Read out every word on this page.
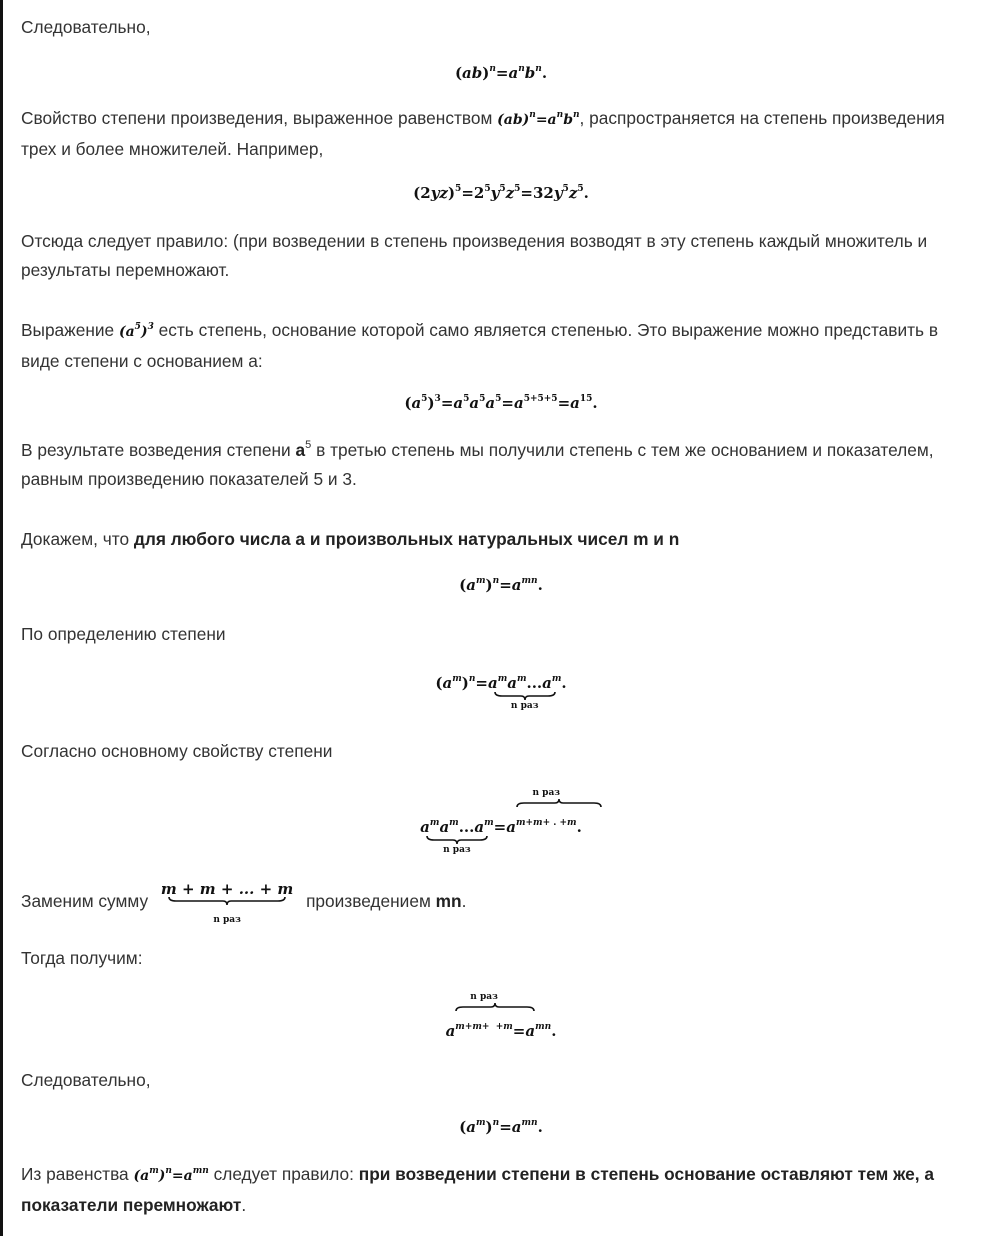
Следовательно,
$(ab)^n=a^nb^n$.
Свойство степени произведения, выраженное равенством $(ab)^n=a^nb^n$, распространяется на степень произведения трех и более множителей. Например,
$(2yz)^5=2^5y^5z^5=32y^5z^5$.
Отсюда следует правило: (при возведении в степень произведения возводят в эту степень каждый множитель и результаты перемножают.
Выражение $(a^5)^3$ есть степень, основание которой само является степенью. Это выражение можно представить в виде степени с основанием а:
$(a^5)^3=a^5a^5a^5=a^{5+5+5}=a^{15}$.
В результате возведения степени $a^5$ в третью степень мы получили степень с тем же основанием и показателем, равным произведению показателей 5 и 3.
Докажем, что для любого числа а и произвольных натуральных чисел m и n
$(a^m)^n=a^{mn}$.
По определению степени
$(a^m)^n=a^ma^m...a^m$
n раз
.
Согласно основному свойству степени
$a^ma^m...a^m$
n раз
$=a^{m+m+ . +m}$
n раз
.
Заменим сумму m + m + ... + m
n раз
произведением mn.
Тогда получим:
$a^{m+m+ +m}$
n раз
$=a^{mn}$.
Следовательно,
$(a^m)^n=a^{mn}$.
Из равенства $(a^m)^n=a^{mn}$ следует правило: при возведении степени в степень основание оставляют тем же, а показатели перемножают.
